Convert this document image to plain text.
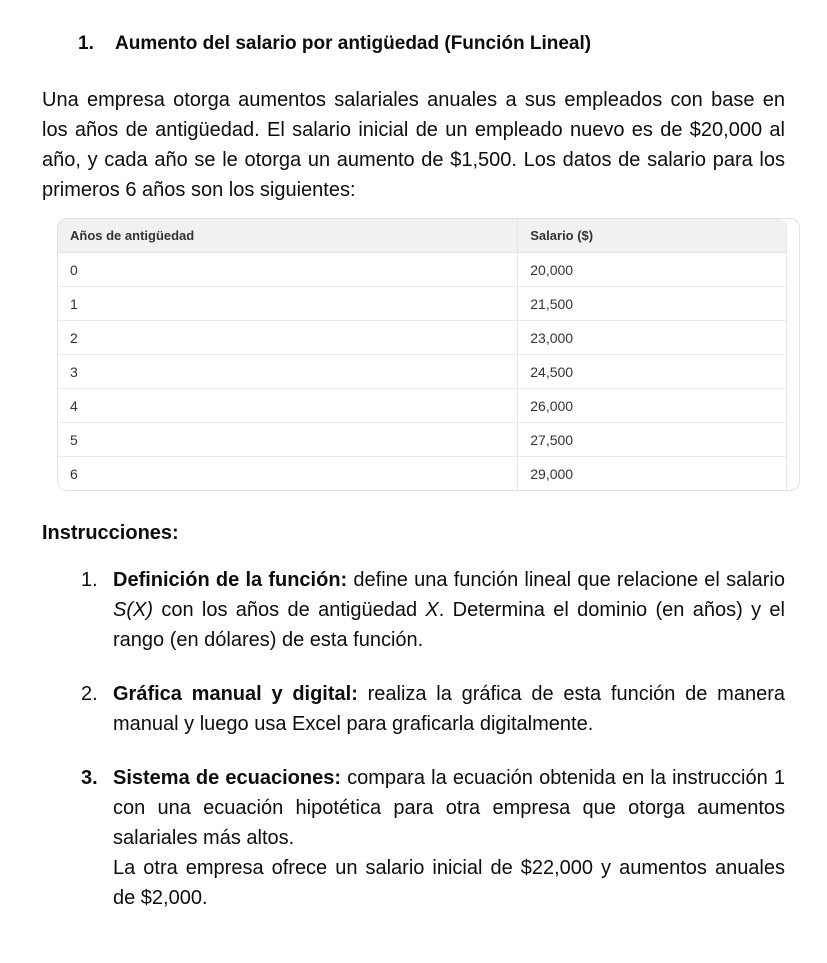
1.	Aumento del salario por antigüedad (Función Lineal)

Una empresa otorga aumentos salariales anuales a sus empleados con base en los años de antigüedad. El salario inicial de un empleado nuevo es de $20,000 al año, y cada año se le otorga un aumento de $1,500. Los datos de salario para los primeros 6 años son los siguientes:

Años de antigüedad	Salario ($)
0	20,000
1	21,500
2	23,000
3	24,500
4	26,000
5	27,500
6	29,000

Instrucciones:

1. Definición de la función: define una función lineal que relacione el salario S(X) con los años de antigüedad X. Determina el dominio (en años) y el rango (en dólares) de esta función.
2. Gráfica manual y digital: realiza la gráfica de esta función de manera manual y luego usa Excel para graficarla digitalmente.
3. Sistema de ecuaciones: compara la ecuación obtenida en la instrucción 1 con una ecuación hipotética para otra empresa que otorga aumentos salariales más altos.
La otra empresa ofrece un salario inicial de $22,000 y aumentos anuales de $2,000.
